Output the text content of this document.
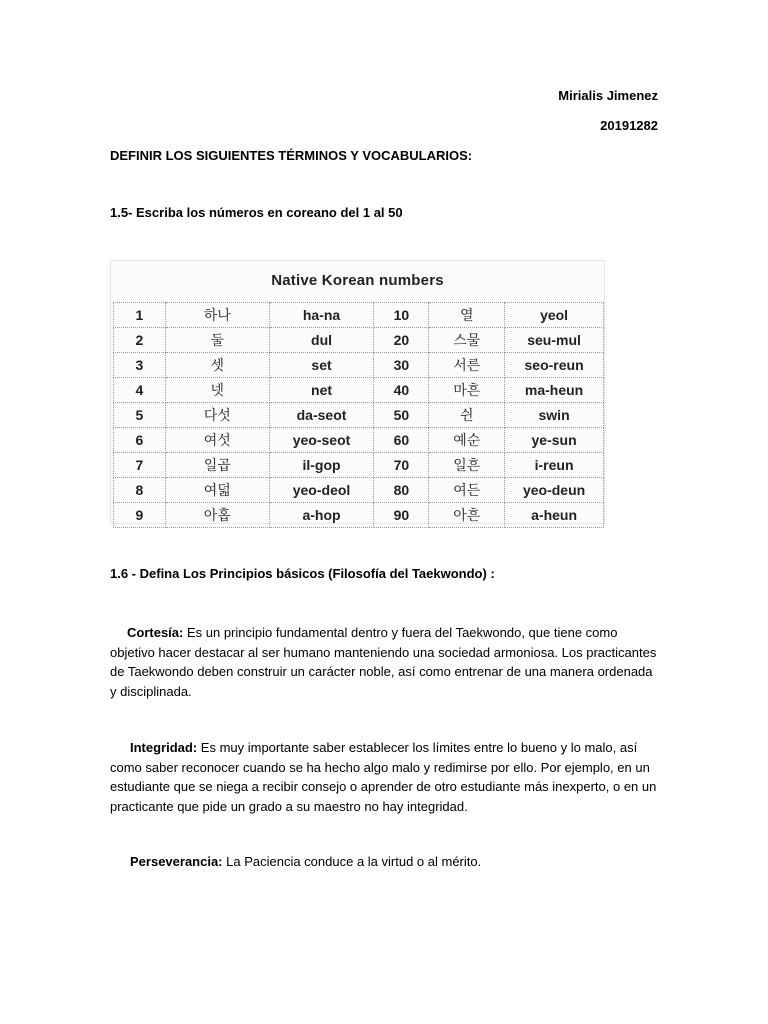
Mirialis Jimenez
20191282
DEFINIR LOS SIGUIENTES TÉRMINOS Y VOCABULARIOS:
1.5- Escriba los números en coreano del 1 al 50
Native Korean numbers
1	하나	ha-na	10	열	yeol
2	둘	dul	20	스물	seu-mul
3	셋	set	30	서른	seo-reun
4	넷	net	40	마흔	ma-heun
5	다섯	da-seot	50	쉰	swin
6	여섯	yeo-seot	60	예순	ye-sun
7	일곱	il-gop	70	일흔	i-reun
8	여덟	yeo-deol	80	여든	yeo-deun
9	아홉	a-hop	90	아흔	a-heun
1.6 - Defina Los Principios básicos (Filosofía del Taekwondo) :
Cortesía: Es un principio fundamental dentro y fuera del Taekwondo, que tiene como objetivo hacer destacar al ser humano manteniendo una sociedad armoniosa. Los practicantes de Taekwondo deben construir un carácter noble, así como entrenar de una manera ordenada y disciplinada.
Integridad: Es muy importante saber establecer los límites entre lo bueno y lo malo, así como saber reconocer cuando se ha hecho algo malo y redimirse por ello. Por ejemplo, en un estudiante que se niega a recibir consejo o aprender de otro estudiante más inexperto, o en un practicante que pide un grado a su maestro no hay integridad.
Perseverancia: La Paciencia conduce a la virtud o al mérito.
